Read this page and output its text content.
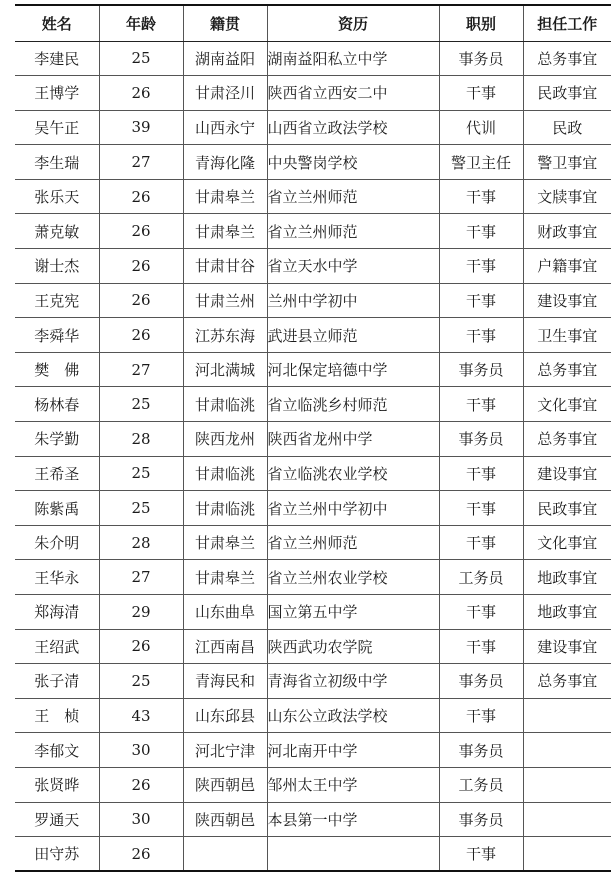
姓名	年龄	籍贯	资历	职别	担任工作
李建民	25	湖南益阳	湖南益阳私立中学	事务员	总务事宜
王博学	26	甘肃泾川	陕西省立西安二中	干事	民政事宜
吴午正	39	山西永宁	山西省立政法学校	代训	民政
李生瑞	27	青海化隆	中央警岗学校	警卫主任	警卫事宜
张乐天	26	甘肃皋兰	省立兰州师范	干事	文牍事宜
萧克敏	26	甘肃皋兰	省立兰州师范	干事	财政事宜
谢士杰	26	甘肃甘谷	省立天水中学	干事	户籍事宜
王克宪	26	甘肃兰州	兰州中学初中	干事	建设事宜
李舜华	26	江苏东海	武进县立师范	干事	卫生事宜
樊　佛	27	河北满城	河北保定培德中学	事务员	总务事宜
杨林春	25	甘肃临洮	省立临洮乡村师范	干事	文化事宜
朱学勤	28	陕西龙州	陕西省龙州中学	事务员	总务事宜
王希圣	25	甘肃临洮	省立临洮农业学校	干事	建设事宜
陈紫禹	25	甘肃临洮	省立兰州中学初中	干事	民政事宜
朱介明	28	甘肃皋兰	省立兰州师范	干事	文化事宜
王华永	27	甘肃皋兰	省立兰州农业学校	工务员	地政事宜
郑海清	29	山东曲阜	国立第五中学	干事	地政事宜
王绍武	26	江西南昌	陕西武功农学院	干事	建设事宜
张子清	25	青海民和	青海省立初级中学	事务员	总务事宜
王　桢	43	山东邱县	山东公立政法学校	干事	
李郁文	30	河北宁津	河北南开中学	事务员	
张贤晔	26	陕西朝邑	邹州太王中学	工务员	
罗通天	30	陕西朝邑	本县第一中学	事务员	
田守苏	26			干事	
